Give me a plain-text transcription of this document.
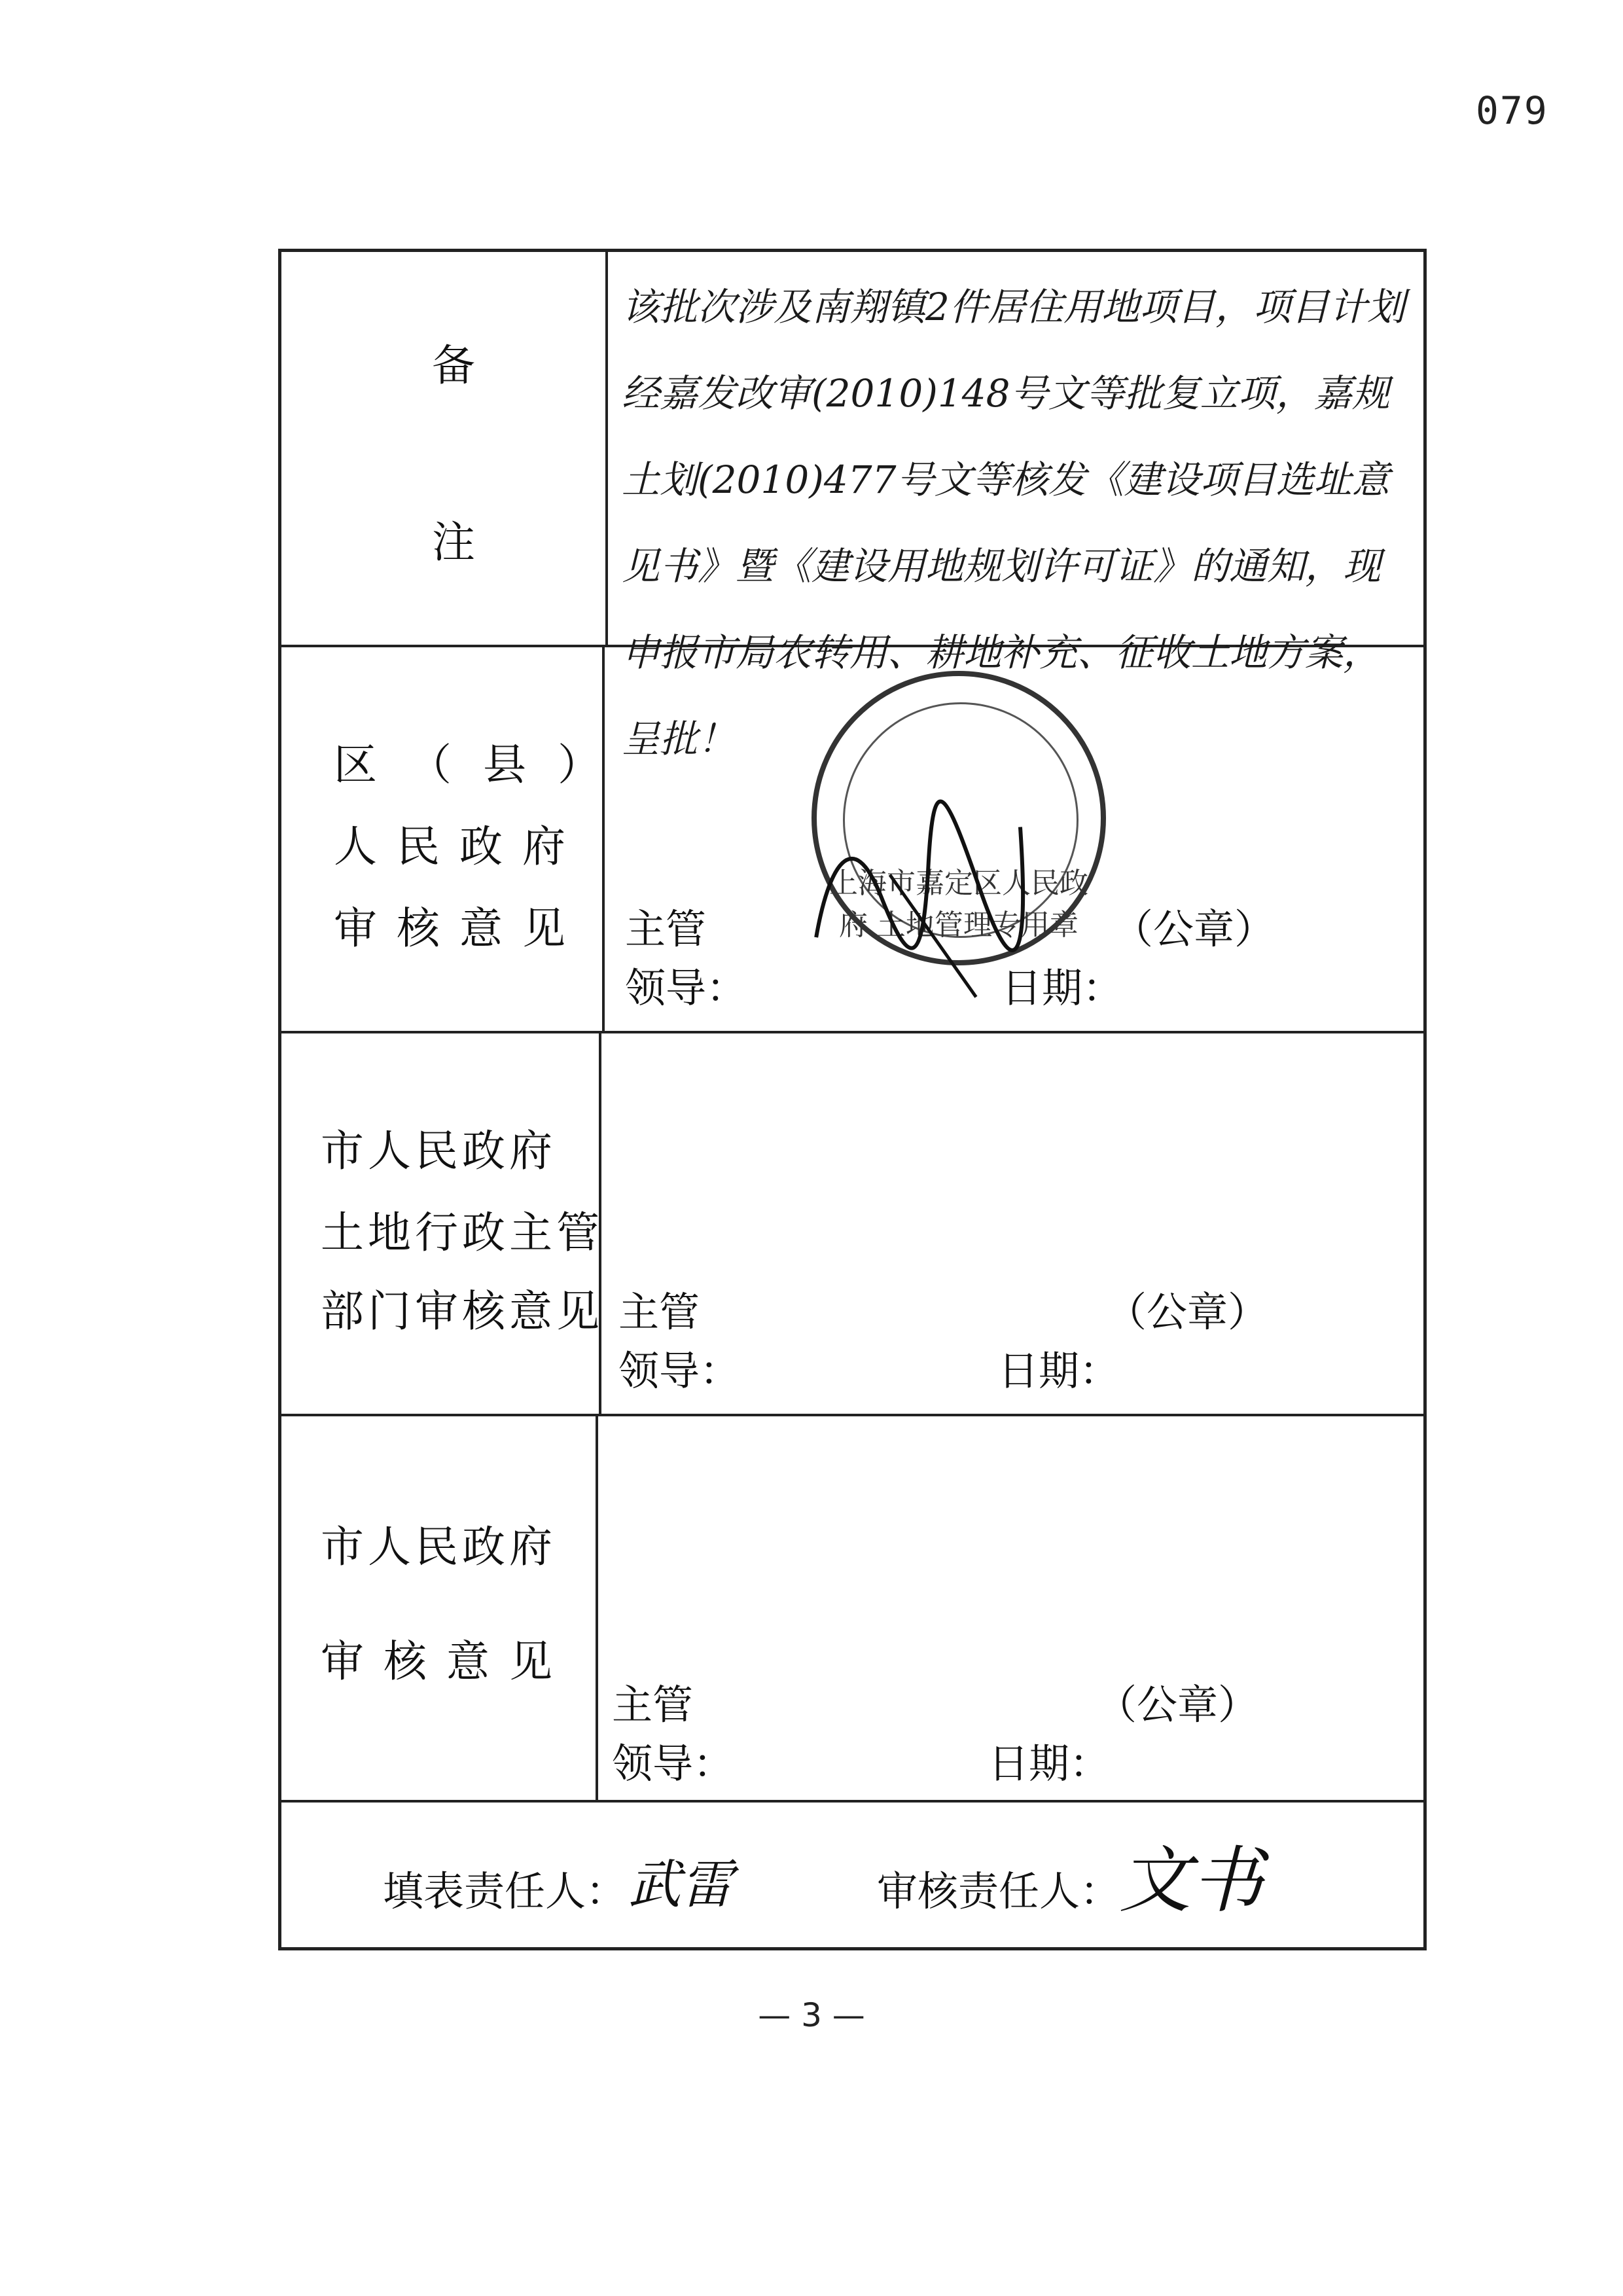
079
备
注
该批次涉及南翔镇2件居住用地项目，项目计划经嘉发改审(2010)148号文等批复立项，嘉规土划(2010)477号文等核发《建设项目选址意见书》暨《建设用地规划许可证》的通知，现申报市局农转用、耕地补充、征收土地方案，呈批！
区（县）
人民政府
审核意见
上海市嘉定区人民政府 土地管理专用章
主管
领导：
（公章）
日期：
市人民政府
土地行政主管
部门审核意见 主管
领导：
（公章）
日期：
市人民政府
审核意见
主管
领导：
（公章）
日期：
填表责任人： 武雷	审核责任人：
文书
— 3 —
